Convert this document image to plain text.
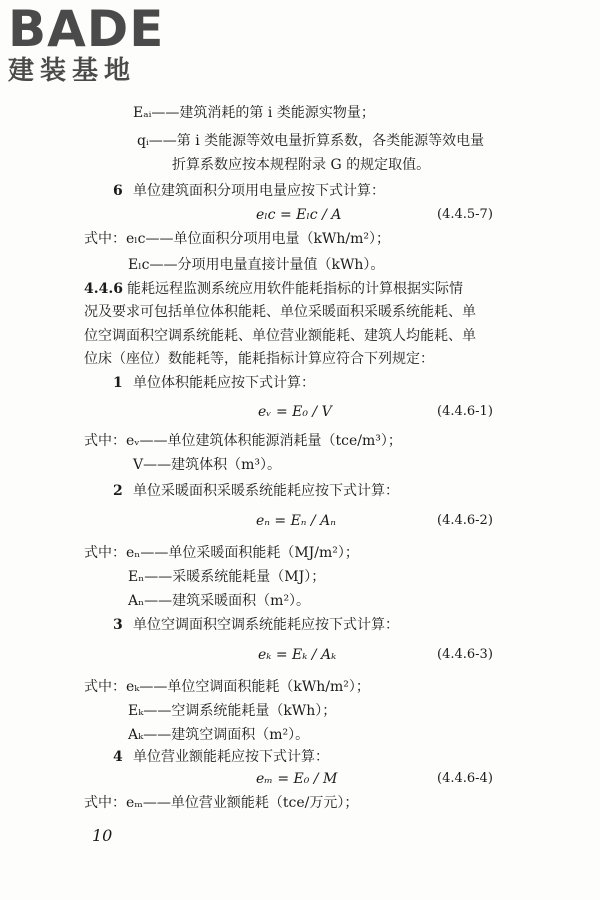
BADE
建装基地
Eₐᵢ——建筑消耗的第 i 类能源实物量；
qᵢ——第 i 类能源等效电量折算系数，各类能源等效电量
折算系数应按本规程附录 G 的规定取值。
6 单位建筑面积分项用电量应按下式计算：
eₗc = Eₗc / A	(4.4.5-7)
式中：eₗc——单位面积分项用电量（kWh/m²）；
Eₗc——分项用电量直接计量值（kWh）。
4.4.6 能耗远程监测系统应用软件能耗指标的计算根据实际情
况及要求可包括单位体积能耗、单位采暖面积采暖系统能耗、单
位空调面积空调系统能耗、单位营业额能耗、建筑人均能耗、单
位床（座位）数能耗等，能耗指标计算应符合下列规定：
1 单位体积能耗应按下式计算：
eᵥ = E₀ / V	(4.4.6-1)
式中：eᵥ——单位建筑体积能源消耗量（tce/m³）；
V——建筑体积（m³）。
2 单位采暖面积采暖系统能耗应按下式计算：
eₙ = Eₙ / Aₙ	(4.4.6-2)
式中：eₙ——单位采暖面积能耗（MJ/m²）；
Eₙ——采暖系统能耗量（MJ）；
Aₙ——建筑采暖面积（m²）。
3 单位空调面积空调系统能耗应按下式计算：
eₖ = Eₖ / Aₖ	(4.4.6-3)
式中：eₖ——单位空调面积能耗（kWh/m²）；
Eₖ——空调系统能耗量（kWh）；
Aₖ——建筑空调面积（m²）。
4 单位营业额能耗应按下式计算：
eₘ = E₀ / M	(4.4.6-4)
式中：eₘ——单位营业额能耗（tce/万元）；
10
